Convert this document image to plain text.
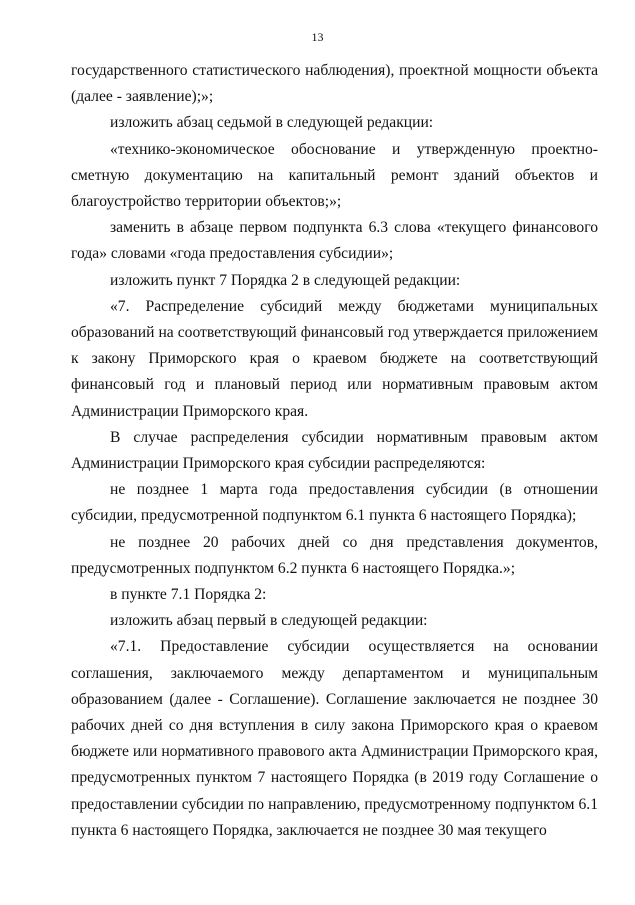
13

государственного статистического наблюдения), проектной мощности объекта (далее - заявление);»;

изложить абзац седьмой в следующей редакции:

«технико-экономическое обоснование и утвержденную проектно-сметную документацию на капитальный ремонт зданий объектов и благоустройство территории объектов;»;

заменить в абзаце первом подпункта 6.3 слова «текущего финансового года» словами «года предоставления субсидии»;

изложить пункт 7 Порядка 2 в следующей редакции:

«7. Распределение субсидий между бюджетами муниципальных образований на соответствующий финансовый год утверждается приложением к закону Приморского края о краевом бюджете на соответствующий финансовый год и плановый период или нормативным правовым актом Администрации Приморского края.

В случае распределения субсидии нормативным правовым актом Администрации Приморского края субсидии распределяются:

не позднее 1 марта года предоставления субсидии (в отношении субсидии, предусмотренной подпунктом 6.1 пункта 6 настоящего Порядка);

не позднее 20 рабочих дней со дня представления документов, предусмотренных подпунктом 6.2 пункта 6 настоящего Порядка.»;

в пункте 7.1 Порядка 2:

изложить абзац первый в следующей редакции:

«7.1. Предоставление субсидии осуществляется на основании соглашения, заключаемого между департаментом и муниципальным образованием (далее - Соглашение). Соглашение заключается не позднее 30 рабочих дней со дня вступления в силу закона Приморского края о краевом бюджете или нормативного правового акта Администрации Приморского края, предусмотренных пунктом 7 настоящего Порядка (в 2019 году Соглашение о предоставлении субсидии по направлению, предусмотренному подпунктом 6.1 пункта 6 настоящего Порядка, заключается не позднее 30 мая текущего
